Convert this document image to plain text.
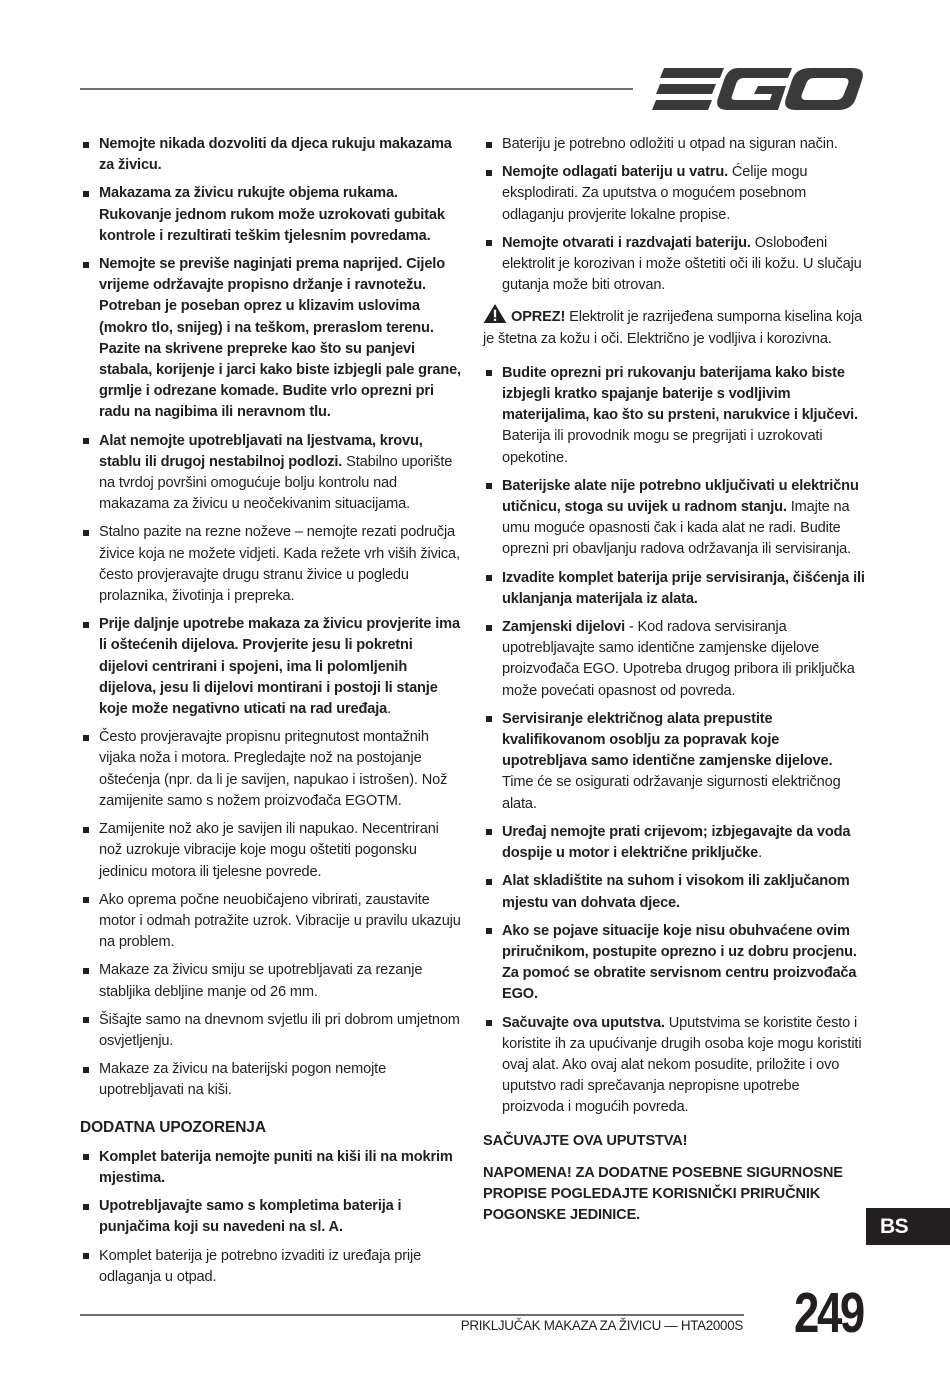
Nemojte nikada dozvoliti da djeca rukuju makazama za živicu.
Makazama za živicu rukujte objema rukama. Rukovanje jednom rukom može uzrokovati gubitak kontrole i rezultirati teškim tjelesnim povredama.
Nemojte se previše naginjati prema naprijed. Cijelo vrijeme održavajte propisno držanje i ravnotežu. Potreban je poseban oprez u klizavim uslovima (mokro tlo, snijeg) i na teškom, preraslom terenu. Pazite na skrivene prepreke kao što su panjevi stabala, korijenje i jarci kako biste izbjegli pale grane, grmlje i odrezane komade. Budite vrlo oprezni pri radu na nagibima ili neravnom tlu.
Alat nemojte upotrebljavati na ljestvama, krovu, stablu ili drugoj nestabilnoj podlozi. Stabilno uporište na tvrdoj površini omogućuje bolju kontrolu nad makazama za živicu u neočekivanim situacijama.
Stalno pazite na rezne noževe – nemojte rezati područja živice koja ne možete vidjeti. Kada režete vrh viših živica, često provjeravajte drugu stranu živice u pogledu prolaznika, životinja i prepreka.
Prije daljnje upotrebe makaza za živicu provjerite ima li oštećenih dijelova. Provjerite jesu li pokretni dijelovi centrirani i spojeni, ima li polomljenih dijelova, jesu li dijelovi montirani i postoji li stanje koje može negativno uticati na rad uređaja.
Često provjeravajte propisnu pritegnutost montažnih vijaka noža i motora. Pregledajte nož na postojanje oštećenja (npr. da li je savijen, napukao i istrošen). Nož zamijenite samo s nožem proizvođača EGOTM.
Zamijenite nož ako je savijen ili napukao. Necentrirani nož uzrokuje vibracije koje mogu oštetiti pogonsku jedinicu motora ili tjelesne povrede.
Ako oprema počne neuobičajeno vibrirati, zaustavite motor i odmah potražite uzrok. Vibracije u pravilu ukazuju na problem.
Makaze za živicu smiju se upotrebljavati za rezanje stabljika debljine manje od 26 mm.
Šišajte samo na dnevnom svjetlu ili pri dobrom umjetnom osvjetljenju.
Makaze za živicu na baterijski pogon nemojte upotrebljavati na kiši.
DODATNA UPOZORENJA
Komplet baterija nemojte puniti na kiši ili na mokrim mjestima.
Upotrebljavajte samo s kompletima baterija i punjačima koji su navedeni na sl. A.
Komplet baterija je potrebno izvaditi iz uređaja prije odlaganja u otpad.
Bateriju je potrebno odložiti u otpad na siguran način.
Nemojte odlagati bateriju u vatru. Ćelije mogu eksplodirati. Za uputstva o mogućem posebnom odlaganju provjerite lokalne propise.
Nemojte otvarati i razdvajati bateriju. Oslobođeni elektrolit je korozivan i može oštetiti oči ili kožu. U slučaju gutanja može biti otrovan.

OPREZ! Elektrolit je razrijeđena sumporna kiselina koja je štetna za kožu i oči. Električno je vodljiva i korozivna.

Budite oprezni pri rukovanju baterijama kako biste izbjegli kratko spajanje baterije s vodljivim materijalima, kao što su prsteni, narukvice i ključevi. Baterija ili provodnik mogu se pregrijati i uzrokovati opekotine.
Baterijske alate nije potrebno uključivati u električnu utičnicu, stoga su uvijek u radnom stanju. Imajte na umu moguće opasnosti čak i kada alat ne radi. Budite oprezni pri obavljanju radova održavanja ili servisiranja.
Izvadite komplet baterija prije servisiranja, čišćenja ili uklanjanja materijala iz alata.
Zamjenski dijelovi - Kod radova servisiranja upotrebljavajte samo identične zamjenske dijelove proizvođača EGO. Upotreba drugog pribora ili priključka može povećati opasnost od povreda.
Servisiranje električnog alata prepustite kvalifikovanom osoblju za popravak koje upotrebljava samo identične zamjenske dijelove. Time će se osigurati održavanje sigurnosti električnog alata.
Uređaj nemojte prati crijevom; izbjegavajte da voda dospije u motor i električne priključke.
Alat skladištite na suhom i visokom ili zaključanom mjestu van dohvata djece.
Ako se pojave situacije koje nisu obuhvaćene ovim priručnikom, postupite oprezno i uz dobru procjenu. Za pomoć se obratite servisnom centru proizvođača EGO.
Sačuvajte ova uputstva. Uputstvima se koristite često i koristite ih za upućivanje drugih osoba koje mogu koristiti ovaj alat. Ako ovaj alat nekom posudite, priložite i ovo uputstvo radi sprečavanja nepropisne upotrebe proizvoda i mogućih povreda.

SAČUVAJTE OVA UPUTSTVA!

NAPOMENA! ZA DODATNE POSEBNE SIGURNOSNE PROPISE POGLEDAJTE KORISNIČKI PRIRUČNIK POGONSKE JEDINICE.	BS
PRIKLJUČAK MAKAZA ZA ŽIVICU — HTA2000S 249
